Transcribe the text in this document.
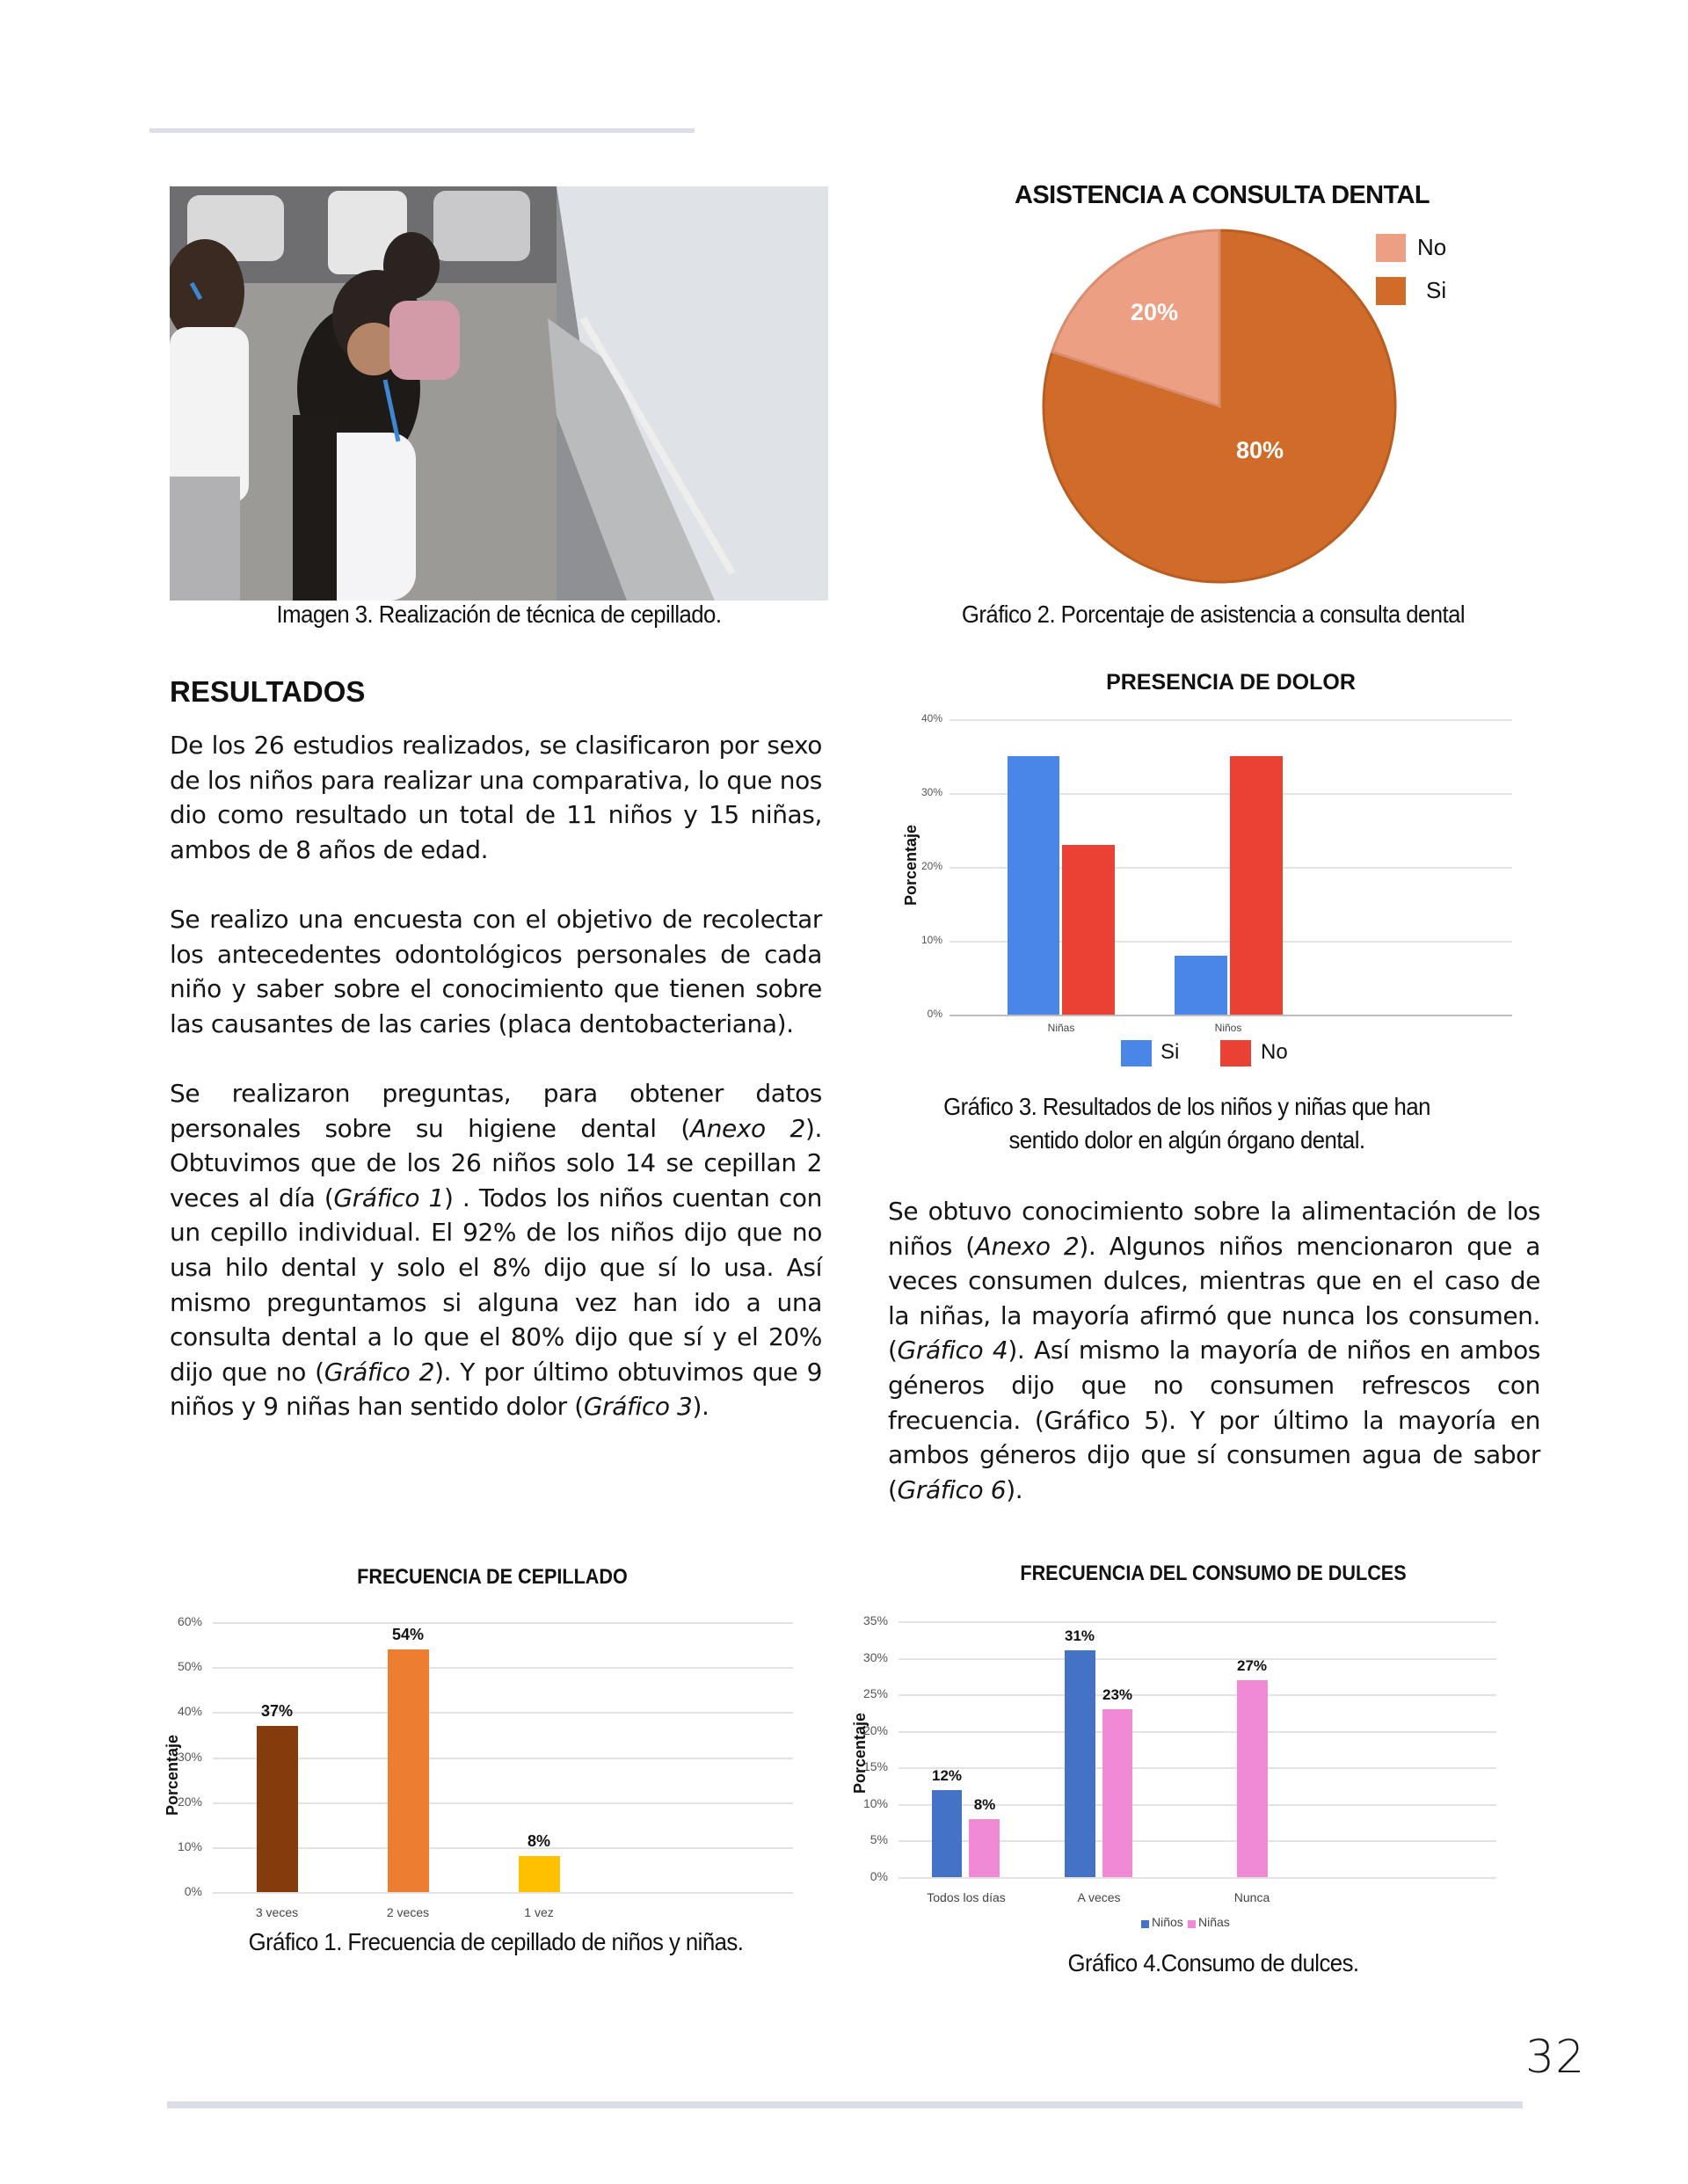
32
Imagen 3. Realización de técnica de cepillado.
ASISTENCIA A CONSULTA DENTAL
20%
80%
No
Si
Gráfico 2. Porcentaje de asistencia a consulta dental
RESULTADOS

De los 26 estudios realizados, se clasificaron por sexo de los niños para realizar una comparativa, lo que nos dio como resultado un total de 11 niños y 15 niñas, ambos de 8 años de edad.

Se realizo una encuesta con el objetivo de recolectar los antecedentes odontológicos personales de cada niño y saber sobre el conocimiento que tienen sobre las causantes de las caries (placa dentobacteriana).

Se realizaron preguntas, para obtener datos personales sobre su higiene dental (Anexo 2). Obtuvimos que de los 26 niños solo 14 se cepillan 2 veces al día (Gráfico 1) . Todos los niños cuentan con un cepillo individual. El 92% de los niños dijo que no usa hilo dental y solo el 8% dijo que sí lo usa. Así mismo preguntamos si alguna vez han ido a una consulta dental a lo que el 80% dijo que sí y el 20% dijo que no (Gráfico 2). Y por último obtuvimos que 9 niños y 9 niñas han sentido dolor (Gráfico 3).

PRESENCIA DE DOLOR
40%
30%
20%
10%
0%
Niñas	Niños
Porcentaje
Si	No
Gráfico 3. Resultados de los niños y niñas que han
sentido dolor en algún órgano dental.

Se obtuvo conocimiento sobre la alimentación de los niños (Anexo 2). Algunos niños mencionaron que a veces consumen dulces, mientras que en el caso de la niñas, la mayoría afirmó que nunca los consumen. (Gráfico 4). Así mismo la mayoría de niños en ambos géneros dijo que no consumen refrescos con frecuencia. (Gráfico 5). Y por último la mayoría en ambos géneros dijo que sí consumen agua de sabor (Gráfico 6).

FRECUENCIA DE CEPILLADO
60%
50%
40%
30%
20%
10%
0%
37%
54%
8%
3 veces	2 veces	1 vez
Porcentaje
Gráfico 1. Frecuencia de cepillado de niños y niñas.
FRECUENCIA DEL CONSUMO DE DULCES
35%
30%
25%
20%
15%
10%
5%
0%
12%
8%
31%
23%
27%
Todos los días	A veces	Nunca
Niños Niñas
Porcentaje
Gráfico 4.Consumo de dulces.
